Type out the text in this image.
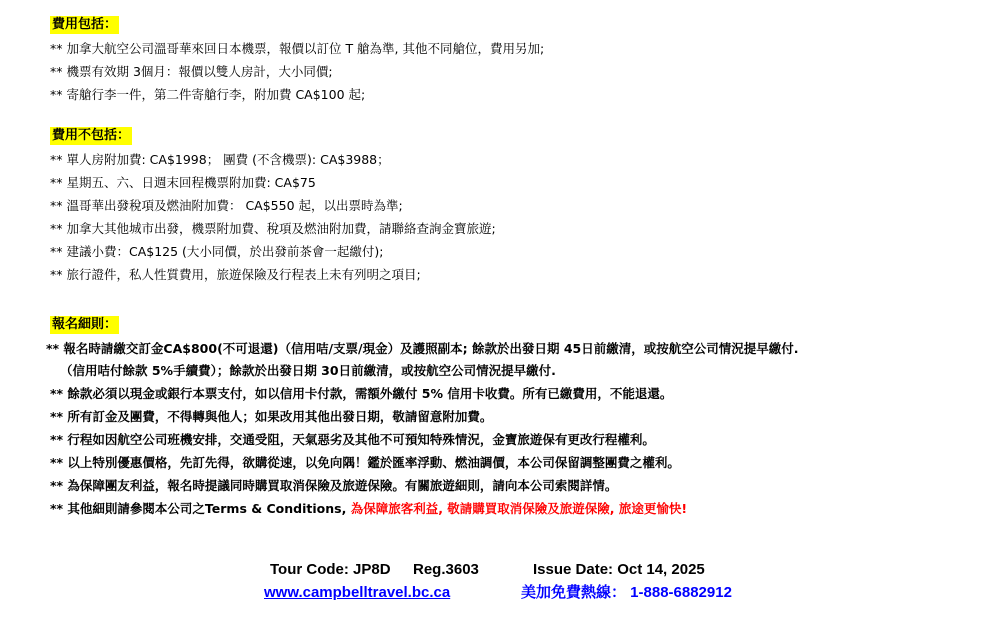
費用包括：
** 加拿大航空公司溫哥華來回日本機票，報價以訂位 T 艙為準, 其他不同艙位，費用另加;
** 機票有效期 3個月：報價以雙人房計，大小同價;
** 寄艙行李一件，第二件寄艙行李，附加費 CA$100 起;
費用不包括：
** 單人房附加費: CA$1998； 團費 (不含機票): CA$3988；
** 星期五、六、日週末回程機票附加費: CA$75
** 溫哥華出發稅項及燃油附加費： CA$550 起，以出票時為準;
** 加拿大其他城市出發，機票附加費、稅項及燃油附加費，請聯絡查詢金寶旅遊;
** 建議小費：CA$125 (大小同價，於出發前茶會一起繳付);
** 旅行證件，私人性質費用，旅遊保險及行程表上未有列明之項目;
報名細則：
** 報名時請繳交訂金CA$800(不可退還)（信用咭/支票/現金）及護照副本; 餘款於出發日期 45日前繳清，或按航空公司情況提早繳付.
（信用咭付餘款 5%手續費）；餘款於出發日期 30日前繳清，或按航空公司情況提早繳付.
** 餘款必須以現金或銀行本票支付，如以信用卡付款，需額外繳付 5% 信用卡收費。所有已繳費用，不能退還。
** 所有訂金及團費，不得轉與他人；如果改用其他出發日期，敬請留意附加費。
** 行程如因航空公司班機安排，交通受阻，天氣惡劣及其他不可預知特殊情況，金寶旅遊保有更改行程權利。
** 以上特別優惠價格，先訂先得，欲購從速，以免向隅！鑑於匯率浮動、燃油調價，本公司保留調整團費之權利。
** 為保障團友利益，報名時提議同時購買取消保險及旅遊保險。有關旅遊細則，請向本公司索閱詳情。
** 其他細則請參閱本公司之Terms & Conditions, 為保障旅客利益, 敬請購買取消保險及旅遊保險, 旅途更愉快!
Tour Code: JP8D Reg.3603	Issue Date: Oct 14, 2025
www.campbelltravel.bc.ca	美加免費熱線： 1-888-6882912
